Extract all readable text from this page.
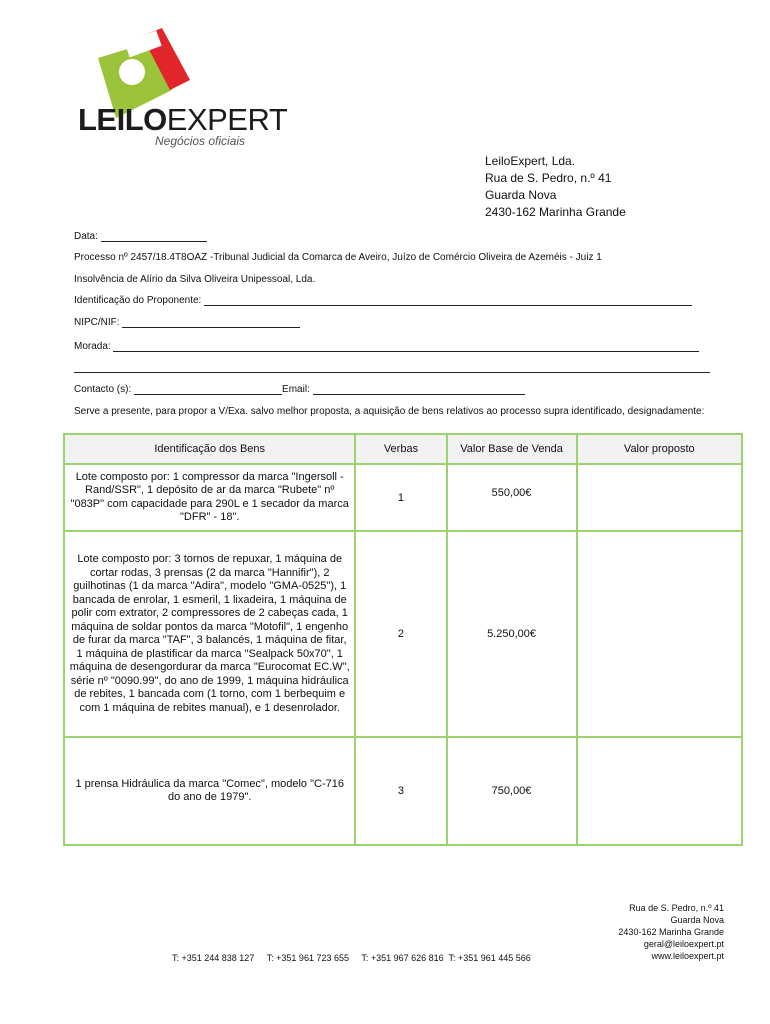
LEILOEXPERT
Negócios oficiais
LeiloExpert, Lda.
Rua de S. Pedro, n.º 41
Guarda Nova
2430-162 Marinha Grande
Data:
Processo nº 2457/18.4T8OAZ -Tribunal Judicial da Comarca de Aveiro, Juízo de Comércio Oliveira de Azeméis - Juiz 1
Insolvência de Alírio da Silva Oliveira Unipessoal, Lda.
Identificação do Proponente:
NIPC/NIF:
Morada:
Contacto (s):	Email:
Serve a presente, para propor a V/Exa. salvo melhor proposta, a aquisição de bens relativos ao processo supra identificado, designadamente:
Identificação dos Bens	Verbas	Valor Base de Venda	Valor proposto
Lote composto por: 1 compressor da marca "Ingersoll - Rand/SSR", 1 depósito de ar da marca "Rubete" nº "083P" com capacidade para 290L e 1 secador da marca "DFR" - 18".	1	550,00€	
Lote composto por: 3 tornos de repuxar, 1 máquina de cortar rodas, 3 prensas (2 da marca "Hannifir"), 2 guilhotinas (1 da marca "Adira", modelo "GMA-0525"), 1 bancada de enrolar, 1 esmeril, 1 lixadeira, 1 máquina de polir com extrator, 2 compressores de 2 cabeças cada, 1 máquina de soldar pontos da marca "Motofil", 1 engenho de furar da marca "TAF", 3 balancés, 1 máquina de fitar, 1 máquina de plastificar da marca "Sealpack 50x70", 1 máquina de desengordurar da marca "Eurocomat EC.W", série nº "0090.99", do ano de 1999, 1 máquina hidráulica de rebites, 1 bancada com (1 torno, com 1 berbequim e com 1 máquina de rebites manual), e 1 desenrolador.	2	5.250,00€	
1 prensa Hidráulica da marca "Comec", modelo "C-716 do ano de 1979".	3	750,00€	
Rua de S. Pedro, n.º 41
Guarda Nova
2430-162 Marinha Grande
geral@leiloexpert.pt
www.leiloexpert.pt
T: +351 244 838 127     T: +351 961 723 655     T: +351 967 626 816  T: +351 961 445 566
